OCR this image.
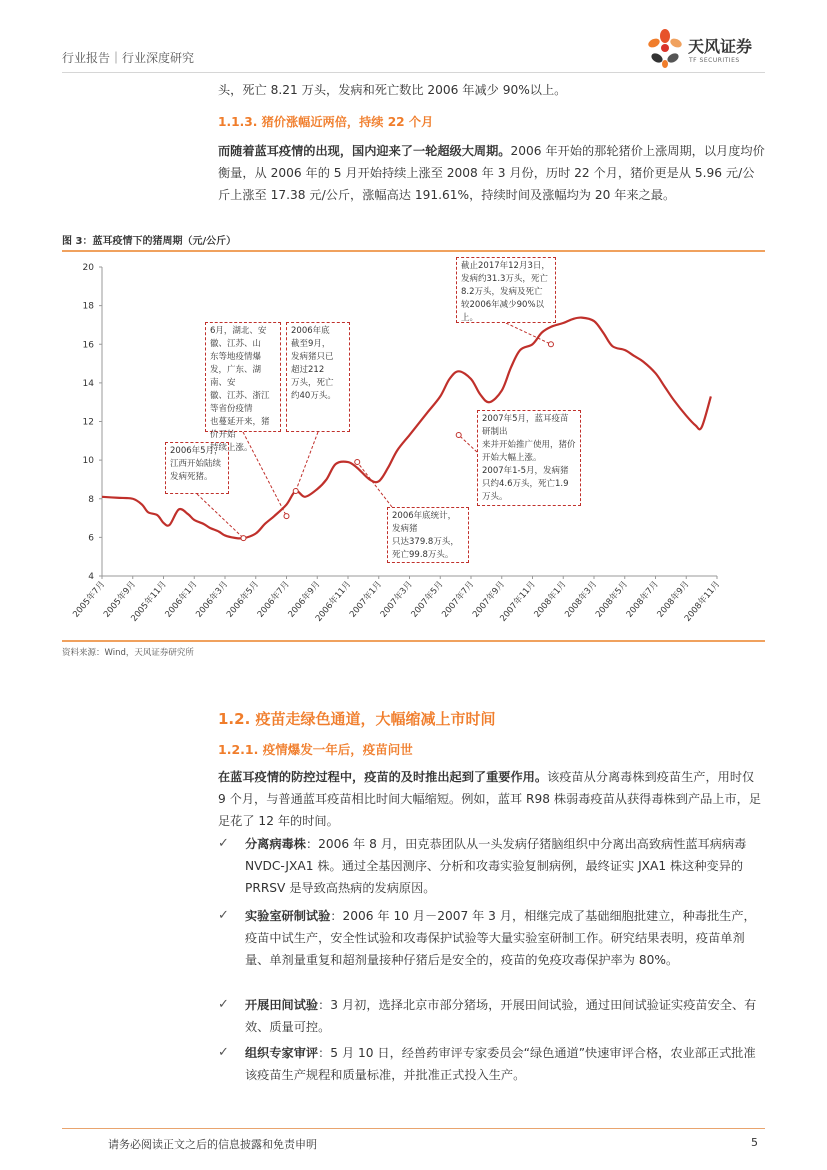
行业报告｜行业深度研究
天风证券
TF SECURITIES
头，死亡 8.21 万头，发病和死亡数比 2006 年减少 90%以上。
1.1.3. 猪价涨幅近两倍，持续 22 个月
而随着蓝耳疫情的出现，国内迎来了一轮超级大周期。2006 年开始的那轮猪价上涨周期，以月度均价衡量，从 2006 年的 5 月开始持续上涨至 2008 年 3 月份，历时 22 个月，猪价更是从 5.96 元/公斤上涨至 17.38 元/公斤，涨幅高达 191.61%，持续时间及涨幅均为 20 年来之最。
图 3：蓝耳疫情下的猪周期（元/公斤）
4
6
8
10
12
14
16
18
20
2005年7月
2005年9月
2005年11月
2006年1月
2006年3月
2006年5月
2006年7月
2006年9月
2006年11月
2007年1月
2007年3月
2007年5月
2007年7月
2007年9月
2007年11月
2008年1月
2008年3月
2008年5月
2008年7月
2008年9月
2008年11月
2006年5月，江西开始陆续
发病死猪。
6月，湖北、安徽、江苏、山
东等地疫情爆发，广东、湖南、安
徽、江苏、浙江等省份疫情
也蔓延开来，猪价开始
持续上涨。
2006年底
截至9月，
发病猪只已
超过212
万头，死亡
约40万头。
2006年底统计，发病猪
只达379.8万头，
死亡99.8万头。
2007年5月，蓝耳疫苗研制出
来并开始推广使用，猪价
开始大幅上涨。
2007年1-5月，发病猪
只约4.6万头，死亡1.9
万头。
截止2017年12月3日，
发病约31.3万头，死亡
8.2万头，发病及死亡
较2006年减少90%以上。
资料来源：Wind，天风证券研究所
1.2. 疫苗走绿色通道，大幅缩减上市时间
1.2.1. 疫情爆发一年后，疫苗问世
在蓝耳疫情的防控过程中，疫苗的及时推出起到了重要作用。该疫苗从分离毒株到疫苗生产，用时仅 9 个月，与普通蓝耳疫苗相比时间大幅缩短。例如，蓝耳 R98 株弱毒疫苗从获得毒株到产品上市，足足花了 12 年的时间。
✓ 分离病毒株：2006 年 8 月，田克恭团队从一头发病仔猪脑组织中分离出高致病性蓝耳病病毒 NVDC-JXA1 株。通过全基因测序、分析和攻毒实验复制病例，最终证实 JXA1 株这种变异的 PRRSV 是导致高热病的发病原因。
✓ 实验室研制试验：2006 年 10 月－2007 年 3 月，相继完成了基础细胞批建立，种毒批生产，疫苗中试生产，安全性试验和攻毒保护试验等大量实验室研制工作。研究结果表明，疫苗单剂量、单剂量重复和超剂量接种仔猪后是安全的，疫苗的免疫攻毒保护率为 80%。
✓ 开展田间试验：3 月初，选择北京市部分猪场，开展田间试验，通过田间试验证实疫苗安全、有效、质量可控。
✓ 组织专家审评：5 月 10 日，经兽药审评专家委员会“绿色通道”快速审评合格，农业部正式批准该疫苗生产规程和质量标准，并批准正式投入生产。
请务必阅读正文之后的信息披露和免责申明	5
